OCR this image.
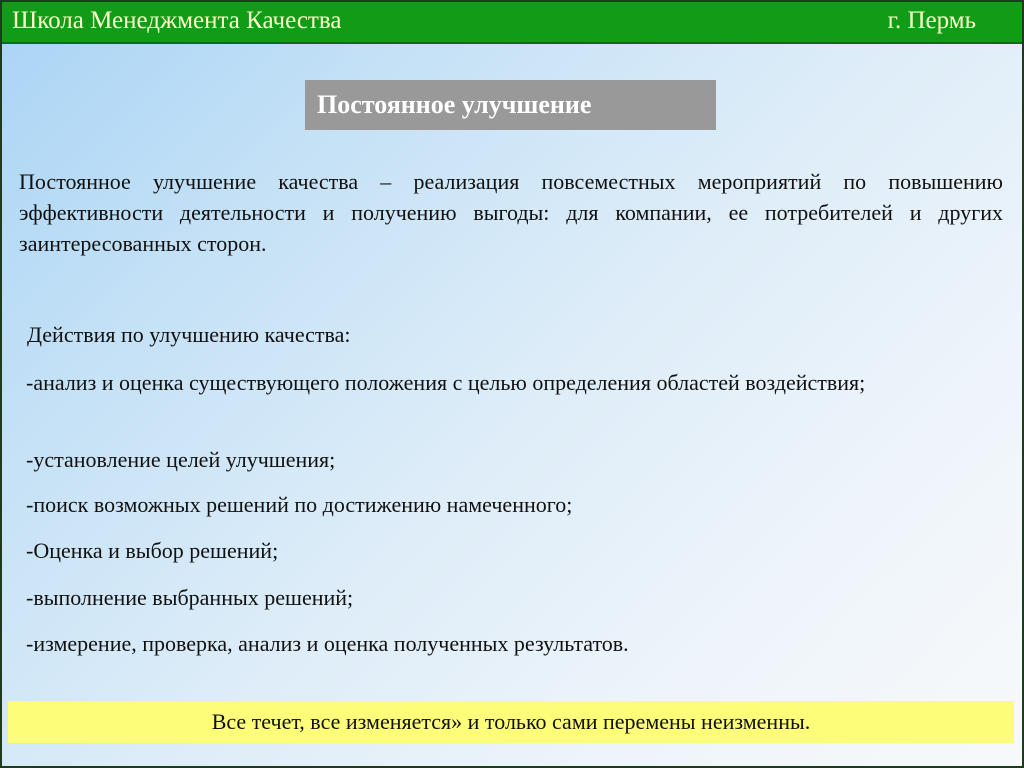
Школа Менеджмента Качества	г. Пермь
Постоянное улучшение

Постоянное улучшение качества – реализация повсеместных мероприятий по повышению эффективности деятельности и получению выгоды: для компании, ее потребителей и других заинтересованных сторон.

Действия по улучшению качества:

-анализ и оценка существующего положения с целью определения областей воздействия;

-установление целей улучшения;

-поиск возможных решений по достижению намеченного;

-Оценка и выбор решений;

-выполнение выбранных решений;

-измерение, проверка, анализ и оценка полученных результатов.

Все течет, все изменяется» и только сами перемены неизменны.
